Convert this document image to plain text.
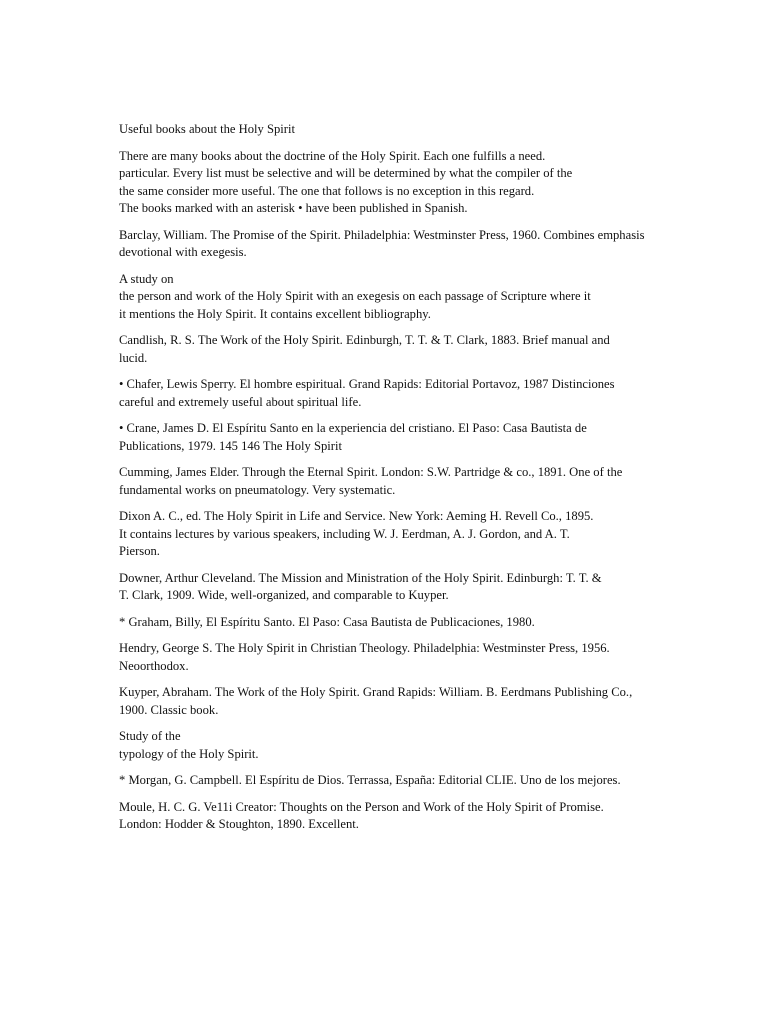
Useful books about the Holy Spirit
There are many books about the doctrine of the Holy Spirit. Each one fulfills a need.
particular. Every list must be selective and will be determined by what the compiler of the
the same consider more useful. The one that follows is no exception in this regard.
The books marked with an asterisk • have been published in Spanish.
Barclay, William. The Promise of the Spirit. Philadelphia: Westminster Press, 1960. Combines emphasis
devotional with exegesis.
A study on
the person and work of the Holy Spirit with an exegesis on each passage of Scripture where it
it mentions the Holy Spirit. It contains excellent bibliography.
Candlish, R. S. The Work of the Holy Spirit. Edinburgh, T. T. & T. Clark, 1883. Brief manual and
lucid.
• Chafer, Lewis Sperry. El hombre espiritual. Grand Rapids: Editorial Portavoz, 1987 Distinciones
careful and extremely useful about spiritual life.
• Crane, James D. El Espíritu Santo en la experiencia del cristiano. El Paso: Casa Bautista de
Publications, 1979. 145 146 The Holy Spirit
Cumming, James Elder. Through the Eternal Spirit. London: S.W. Partridge & co., 1891. One of the
fundamental works on pneumatology. Very systematic.
Dixon A. C., ed. The Holy Spirit in Life and Service. New York: Aeming H. Revell Co., 1895.
It contains lectures by various speakers, including W. J. Eerdman, A. J. Gordon, and A. T.
Pierson.
Downer, Arthur Cleveland. The Mission and Ministration of the Holy Spirit. Edinburgh: T. T. &
T. Clark, 1909. Wide, well-organized, and comparable to Kuyper.
* Graham, Billy, El Espíritu Santo. El Paso: Casa Bautista de Publicaciones, 1980.
Hendry, George S. The Holy Spirit in Christian Theology. Philadelphia: Westminster Press, 1956.
Neoorthodox.
Kuyper, Abraham. The Work of the Holy Spirit. Grand Rapids: William. B. Eerdmans Publishing Co.,
1900. Classic book.
Study of the
typology of the Holy Spirit.
* Morgan, G. Campbell. El Espíritu de Dios. Terrassa, España: Editorial CLIE. Uno de los mejores.
Moule, H. C. G. Ve11i Creator: Thoughts on the Person and Work of the Holy Spirit of Promise.
London: Hodder & Stoughton, 1890. Excellent.
